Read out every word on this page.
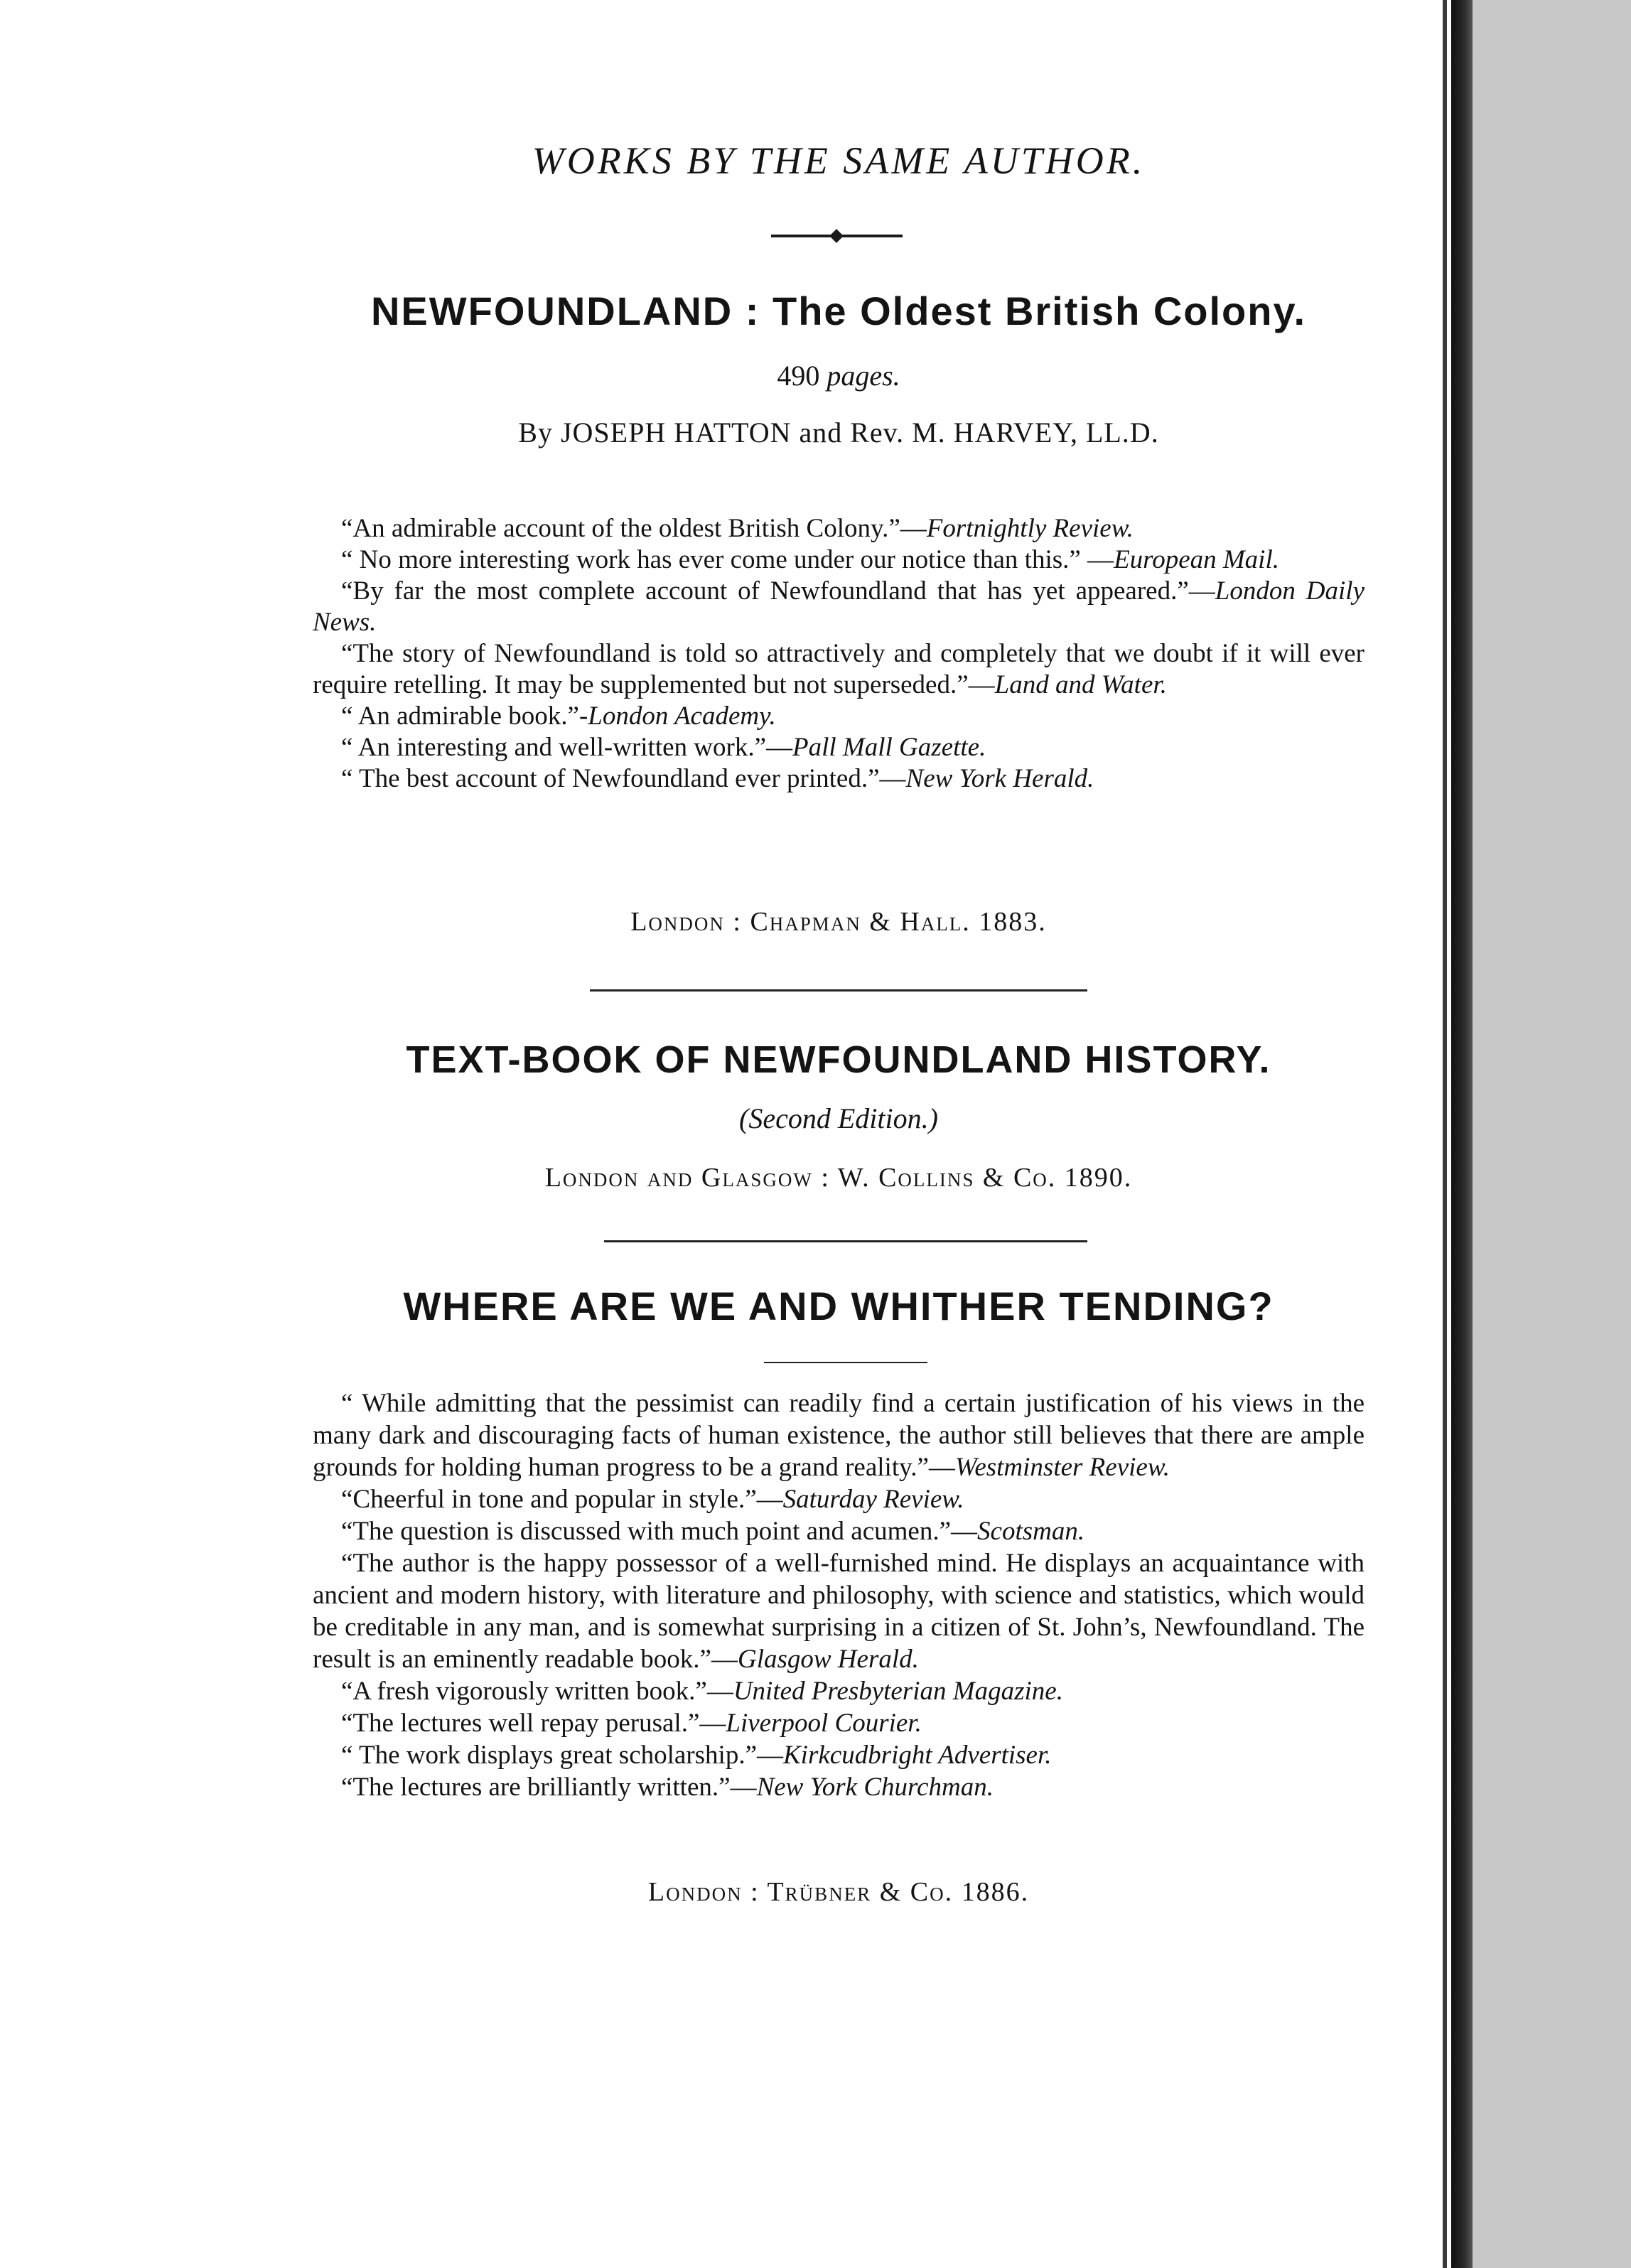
WORKS BY THE SAME AUTHOR.
NEWFOUNDLAND : The Oldest British Colony.
490 pages.
By JOSEPH HATTON and Rev. M. HARVEY, LL.D.

“An admirable account of the oldest British Colony.”—Fortnightly Review.

“ No more interesting work has ever come under our notice than this.” —European Mail.

“By far the most complete account of Newfoundland that has yet appeared.”—London Daily News.

“The story of Newfoundland is told so attractively and completely that we doubt if it will ever require retelling. It may be supplemented but not superseded.”—Land and Water.

“ An admirable book.”-London Academy.

“ An interesting and well-written work.”—Pall Mall Gazette.

“ The best account of Newfoundland ever printed.”—New York Herald.

London : Chapman & Hall. 1883.
TEXT-BOOK OF NEWFOUNDLAND HISTORY.
(Second Edition.)
London and Glasgow : W. Collins & Co. 1890.
WHERE ARE WE AND WHITHER TENDING?

“ While admitting that the pessimist can readily find a certain justification of his views in the many dark and discouraging facts of human existence, the author still believes that there are ample grounds for holding human progress to be a grand reality.”—Westminster Review.

“Cheerful in tone and popular in style.”—Saturday Review.

“The question is discussed with much point and acumen.”—Scotsman.

“The author is the happy possessor of a well-furnished mind. He displays an acquaintance with ancient and modern history, with literature and philosophy, with science and statistics, which would be creditable in any man, and is somewhat surprising in a citizen of St. John’s, Newfoundland. The result is an eminently readable book.”—Glasgow Herald.

“A fresh vigorously written book.”—United Presbyterian Magazine.

“The lectures well repay perusal.”—Liverpool Courier.

“ The work displays great scholarship.”—Kirkcudbright Advertiser.

“The lectures are brilliantly written.”—New York Churchman.

London : Trübner & Co. 1886.
